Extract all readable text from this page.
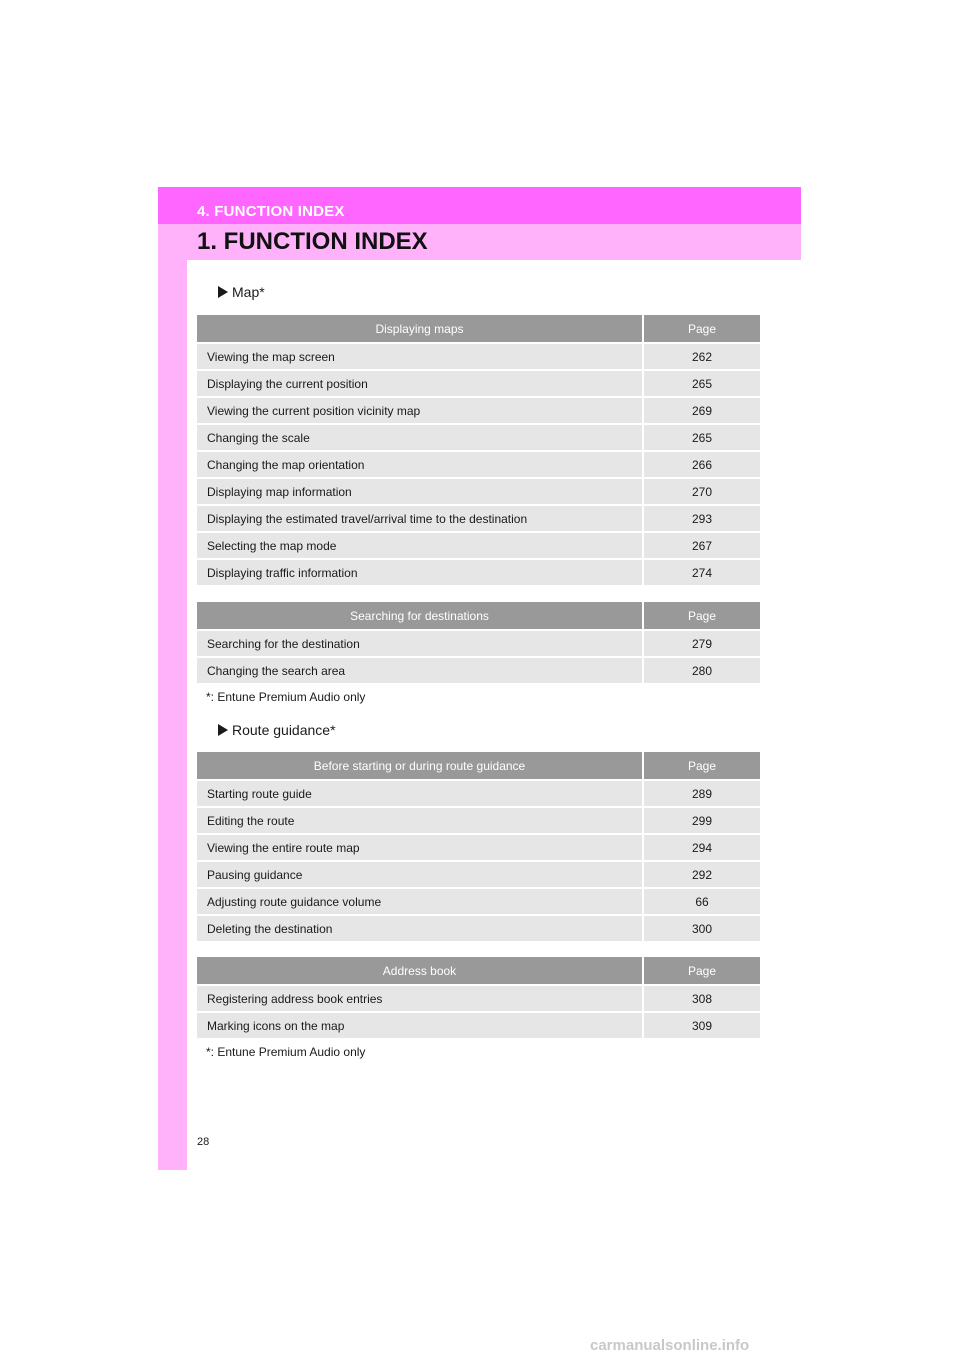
4. FUNCTION INDEX
1. FUNCTION INDEX
Map*
Displaying maps	Page
Viewing the map screen	262
Displaying the current position	265
Viewing the current position vicinity map	269
Changing the scale	265
Changing the map orientation	266
Displaying map information	270
Displaying the estimated travel/arrival time to the destination	293
Selecting the map mode	267
Displaying traffic information	274
Searching for destinations	Page
Searching for the destination	279
Changing the search area	280
*: Entune Premium Audio only
Route guidance*
Before starting or during route guidance	Page
Starting route guide	289
Editing the route	299
Viewing the entire route map	294
Pausing guidance	292
Adjusting route guidance volume	66
Deleting the destination	300
Address book	Page
Registering address book entries	308
Marking icons on the map	309
*: Entune Premium Audio only
28
carmanualsonline.info
